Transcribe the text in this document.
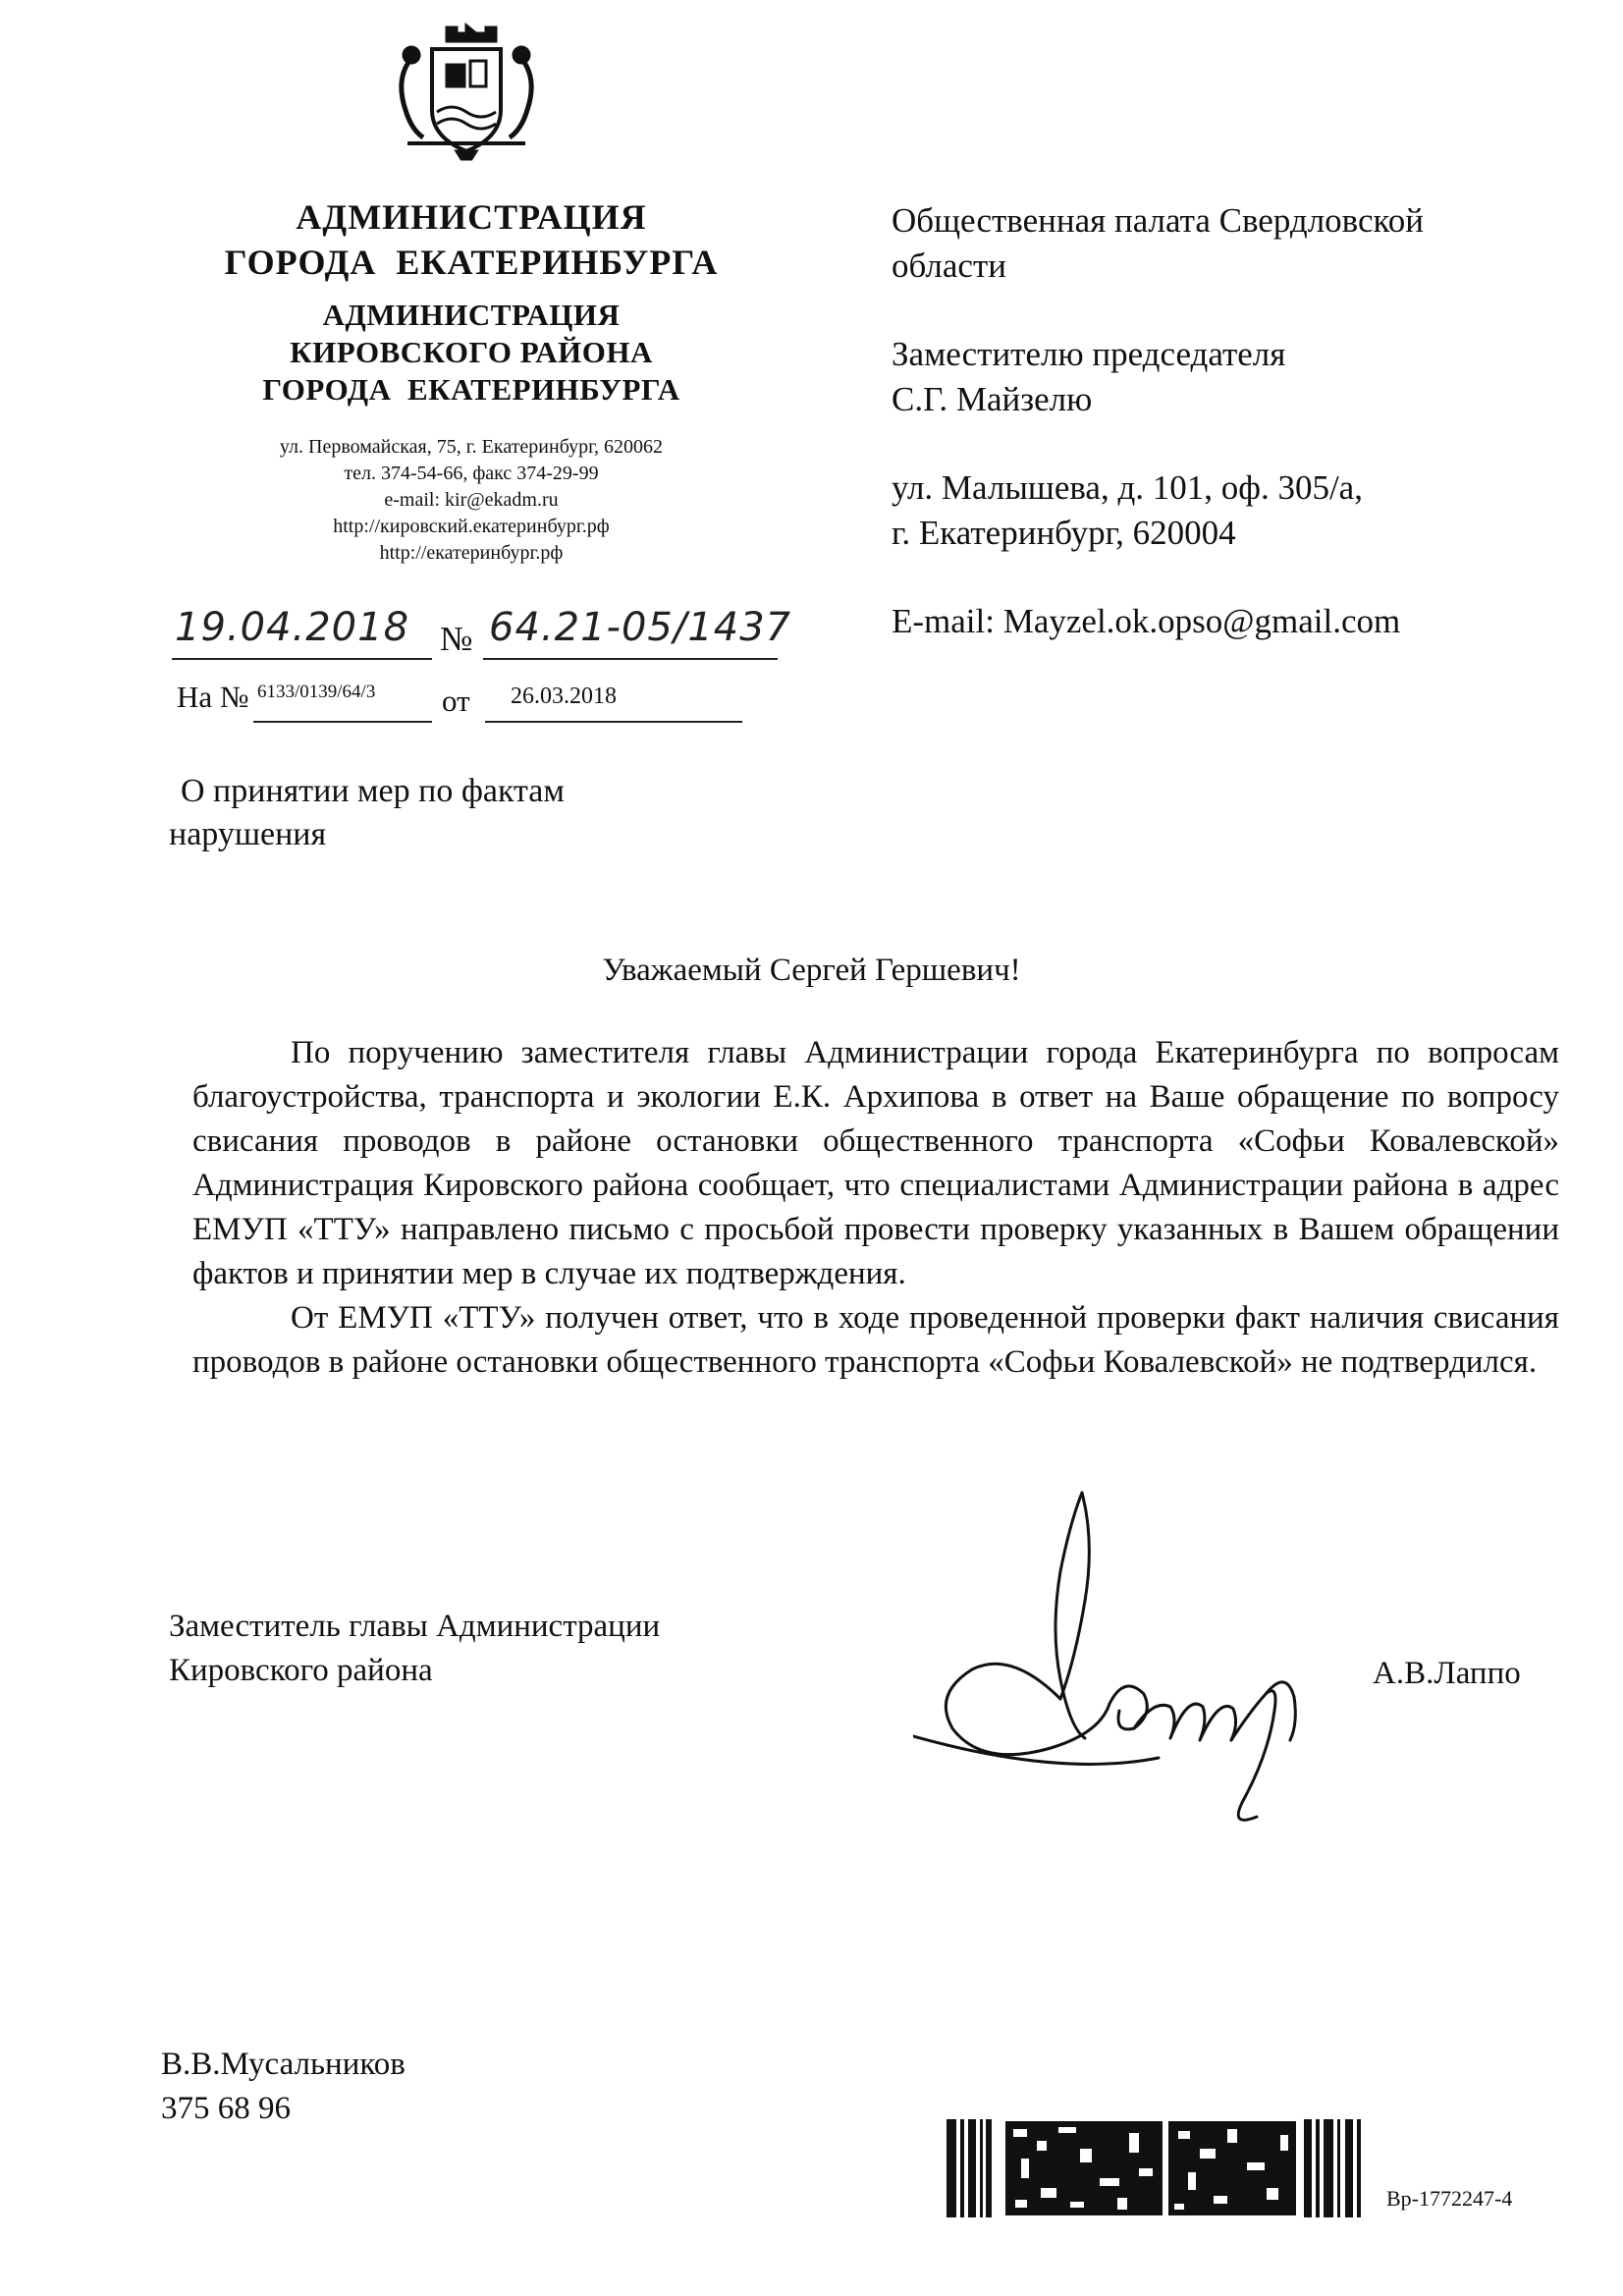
АДМИНИСТРАЦИЯ
ГОРОДА  ЕКАТЕРИНБУРГА
АДМИНИСТРАЦИЯ
КИРОВСКОГО РАЙОНА
ГОРОДА  ЕКАТЕРИНБУРГА
ул. Первомайская, 75, г. Екатеринбург, 620062
тел. 374-54-66, факс 374-29-99
e-mail: kir@ekadm.ru
http://кировский.екатеринбург.рф
http://екатеринбург.рф
19.04.2018 № 64.21-05/1437
На № 6133/0139/64/3 от 26.03.2018
Общественная палата Свердловской
области
Заместителю председателя
С.Г. Майзелю
ул. Малышева, д. 101, оф. 305/а,
г. Екатеринбург, 620004
E-mail: Mayzel.ok.opso@gmail.com
О принятии мер по фактам
нарушения
Уважаемый Сергей Гершевич!

По поручению заместителя главы Администрации города Екатеринбурга по вопросам благоустройства, транспорта и экологии Е.К. Архипова в ответ на Ваше обращение по вопросу свисания проводов в районе остановки общественного транспорта «Софьи Ковалевской» Администрация Кировского района сообщает, что специалистами Администрации района в адрес ЕМУП «ТТУ» направлено письмо с просьбой провести проверку указанных в Вашем обращении фактов и принятии мер в случае их подтверждения.

От ЕМУП «ТТУ» получен ответ, что в ходе проведенной проверки факт наличия свисания проводов в районе остановки общественного транспорта «Софьи Ковалевской» не подтвердился.

Заместитель главы Администрации
Кировского района	А.В.Лаппо
В.В.Мусальников
375 68 96
Вр-1772247-4
